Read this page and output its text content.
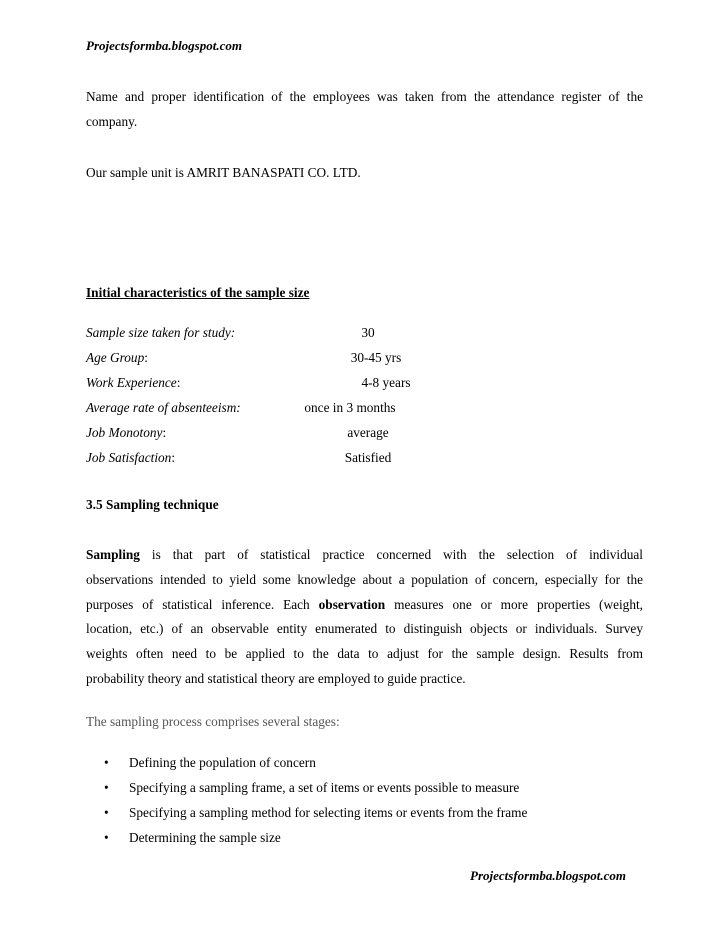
Projectsformba.blogspot.com
Name and proper identification of the employees was taken from the attendance register of the
company.
Our sample unit is AMRIT BANASPATI CO. LTD.
Initial characteristics of the sample size
Sample size taken for study:	30
Age Group:	30-45 yrs
Work Experience:	4-8 years
Average rate of absenteeism:	once in 3 months
Job Monotony:	average
Job Satisfaction:	Satisfied
3.5 Sampling technique
Sampling is that part of statistical practice concerned with the selection of individual
observations intended to yield some knowledge about a population of concern, especially for the
purposes of statistical inference. Each observation measures one or more properties (weight,
location, etc.) of an observable entity enumerated to distinguish objects or individuals. Survey
weights often need to be applied to the data to adjust for the sample design. Results from
probability theory and statistical theory are employed to guide practice.
The sampling process comprises several stages:
• Defining the population of concern
• Specifying a sampling frame, a set of items or events possible to measure
• Specifying a sampling method for selecting items or events from the frame
• Determining the sample size
Projectsformba.blogspot.com
